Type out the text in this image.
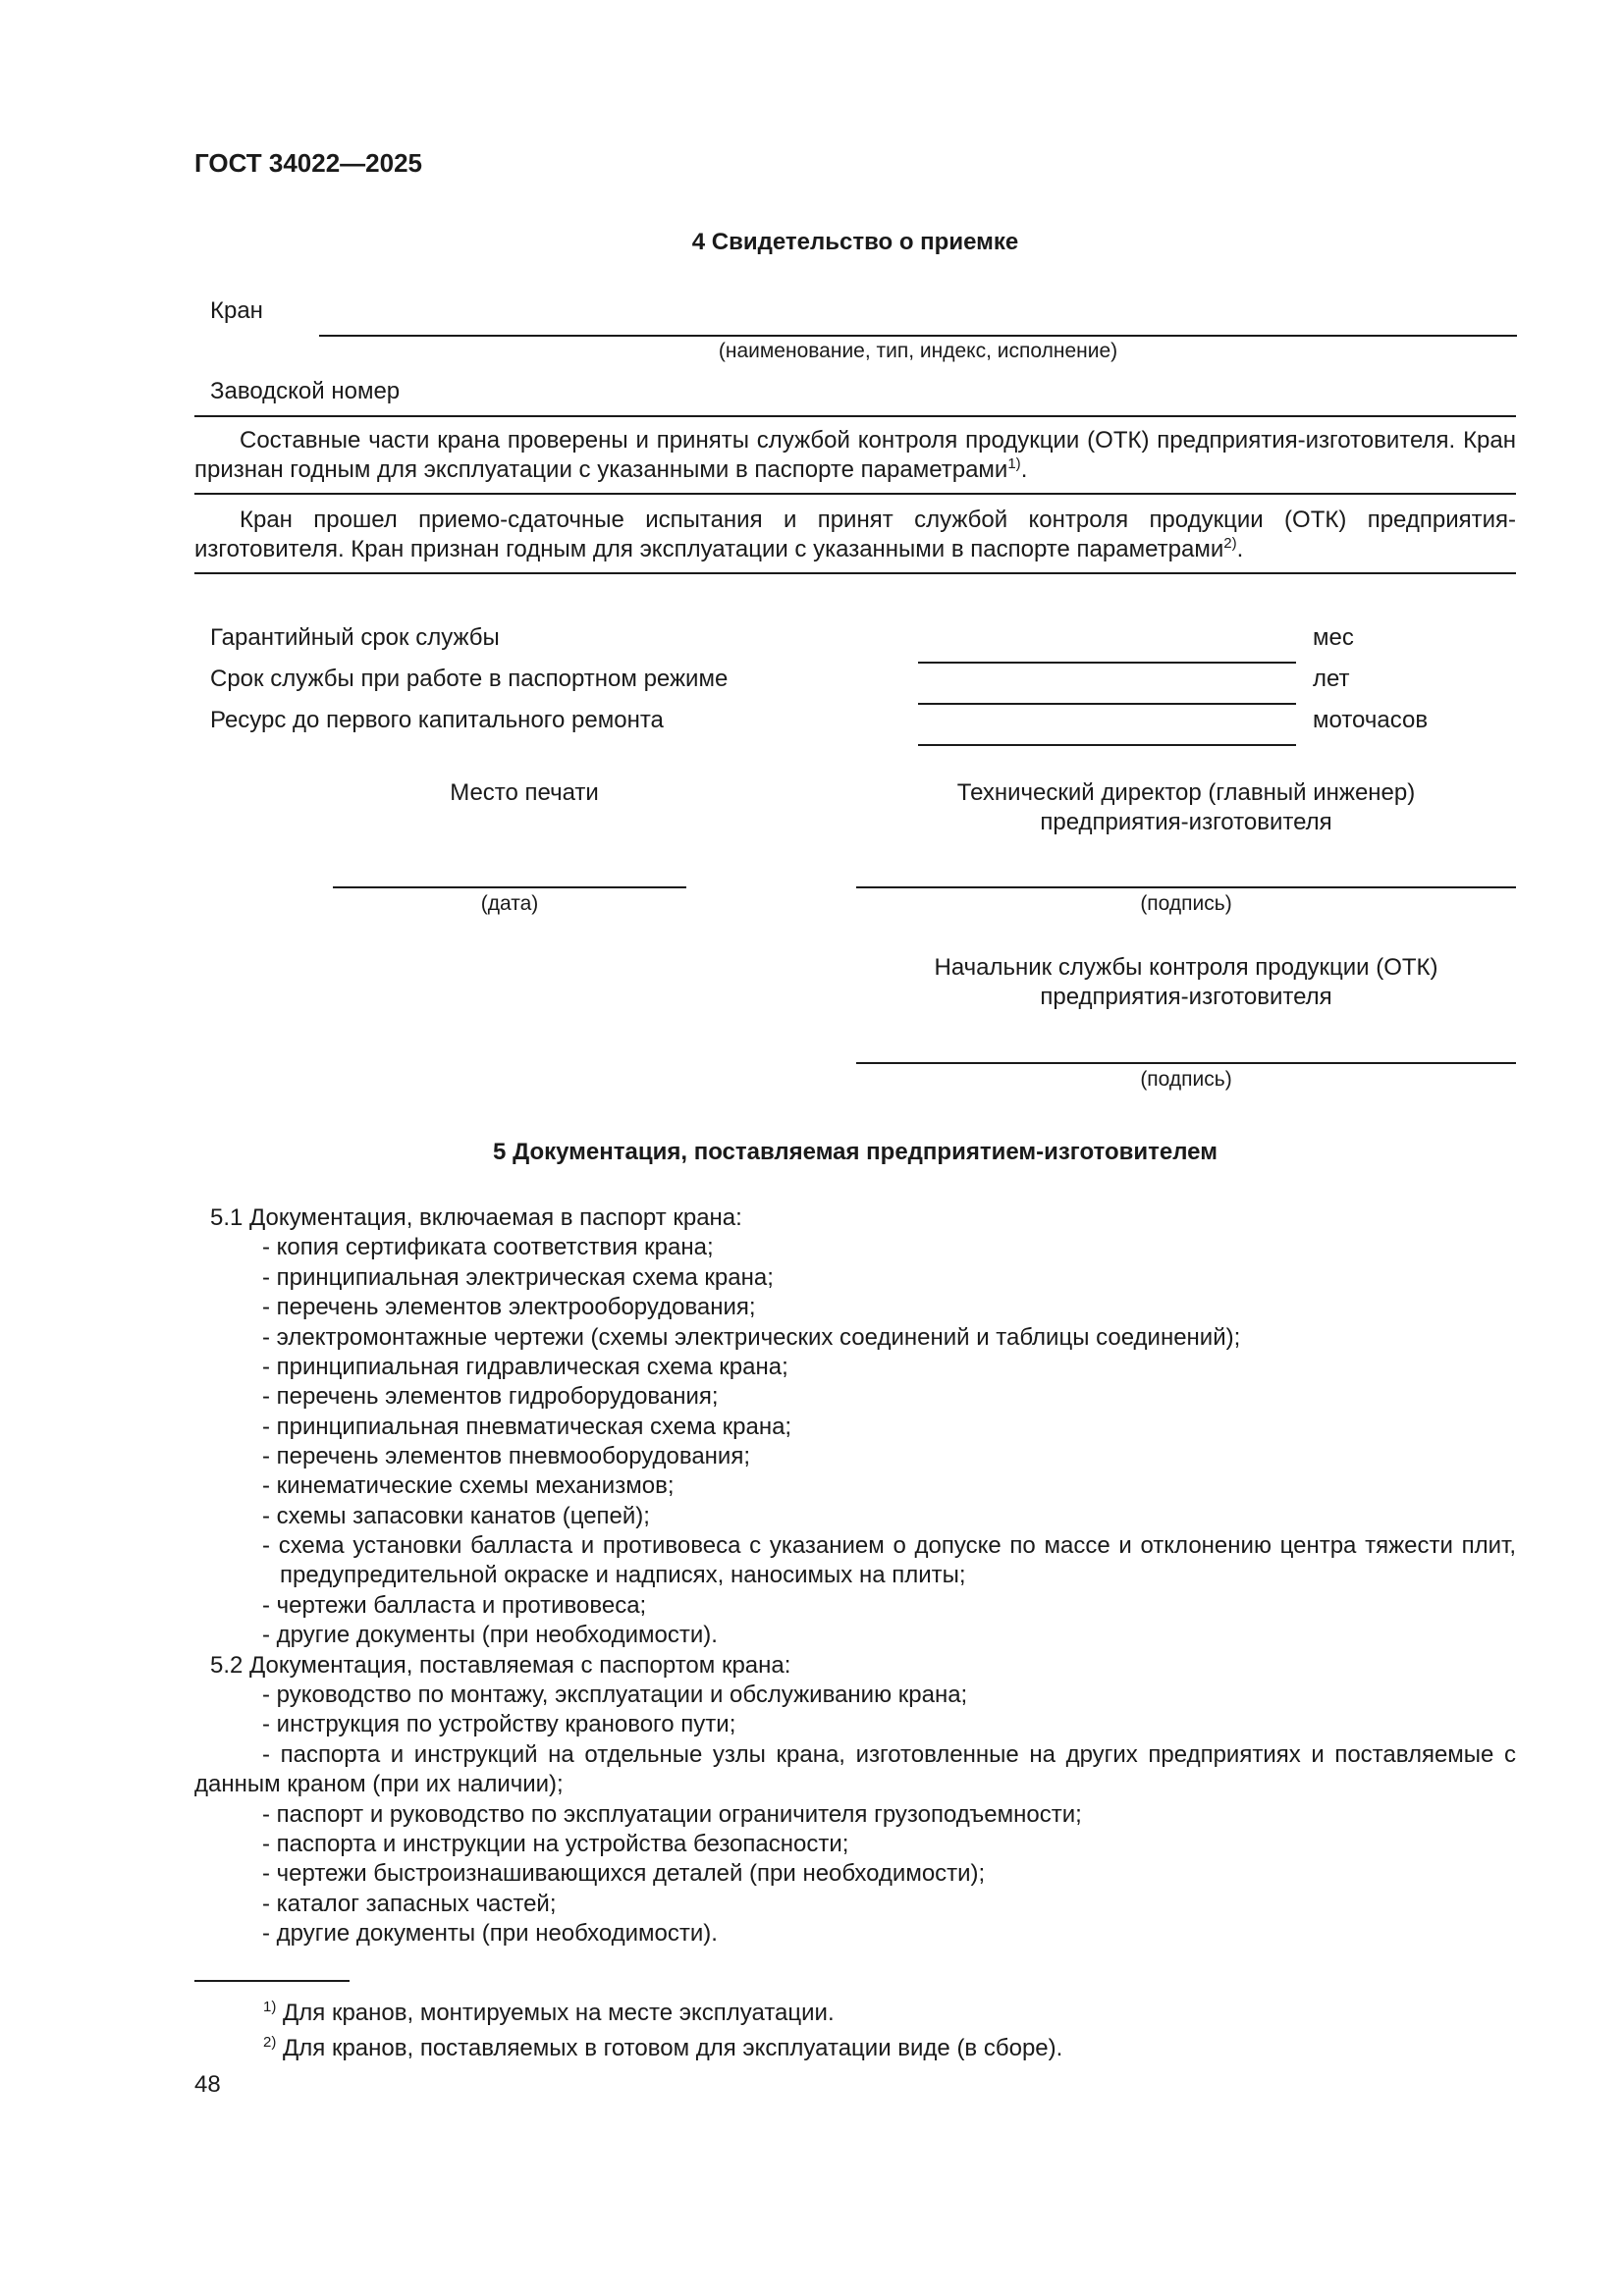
ГОСТ 34022—2025
4 Свидетельство о приемке
Кран
(наименование, тип, индекс, исполнение)
Заводской номер
Составные части крана проверены и приняты службой контроля продукции (ОТК) предприятия-изготовителя. Кран признан годным для эксплуатации с указанными в паспорте параметрами$^{1)}$.
Кран прошел приемо-сдаточные испытания и принят службой контроля продукции (ОТК) предприятия-изготовителя. Кран признан годным для эксплуатации с указанными в паспорте параметрами$^{2)}$.
Гарантийный срок службы	мес
Срок службы при работе в паспортном режиме	лет
Ресурс до первого капитального ремонта	моточасов
Место печати	Технический директор (главный инженер)
предприятия-изготовителя
(дата)	(подпись)
Начальник службы контроля продукции (ОТК)
предприятия-изготовителя
(подпись)
5 Документация, поставляемая предприятием-изготовителем
5.1 Документация, включаемая в паспорт крана:
- копия сертификата соответствия крана;
- принципиальная электрическая схема крана;
- перечень элементов электрооборудования;
- электромонтажные чертежи (схемы электрических соединений и таблицы соединений);
- принципиальная гидравлическая схема крана;
- перечень элементов гидроборудования;
- принципиальная пневматическая схема крана;
- перечень элементов пневмооборудования;
- кинематические схемы механизмов;
- схемы запасовки канатов (цепей);
- схема установки балласта и противовеса с указанием о допуске по массе и отклонению центра тяжести плит, предупредительной окраске и надписях, наносимых на плиты;
- чертежи балласта и противовеса;
- другие документы (при необходимости).
5.2 Документация, поставляемая с паспортом крана:
- руководство по монтажу, эксплуатации и обслуживанию крана;
- инструкция по устройству кранового пути;
- паспорта и инструкций на отдельные узлы крана, изготовленные на других предприятиях и поставляемые с данным краном (при их наличии);
- паспорт и руководство по эксплуатации ограничителя грузоподъемности;
- паспорта и инструкции на устройства безопасности;
- чертежи быстроизнашивающихся деталей (при необходимости);
- каталог запасных частей;
- другие документы (при необходимости).
$^{1)}$ Для кранов, монтируемых на месте эксплуатации.
$^{2)}$ Для кранов, поставляемых в готовом для эксплуатации виде (в сборе).
48
